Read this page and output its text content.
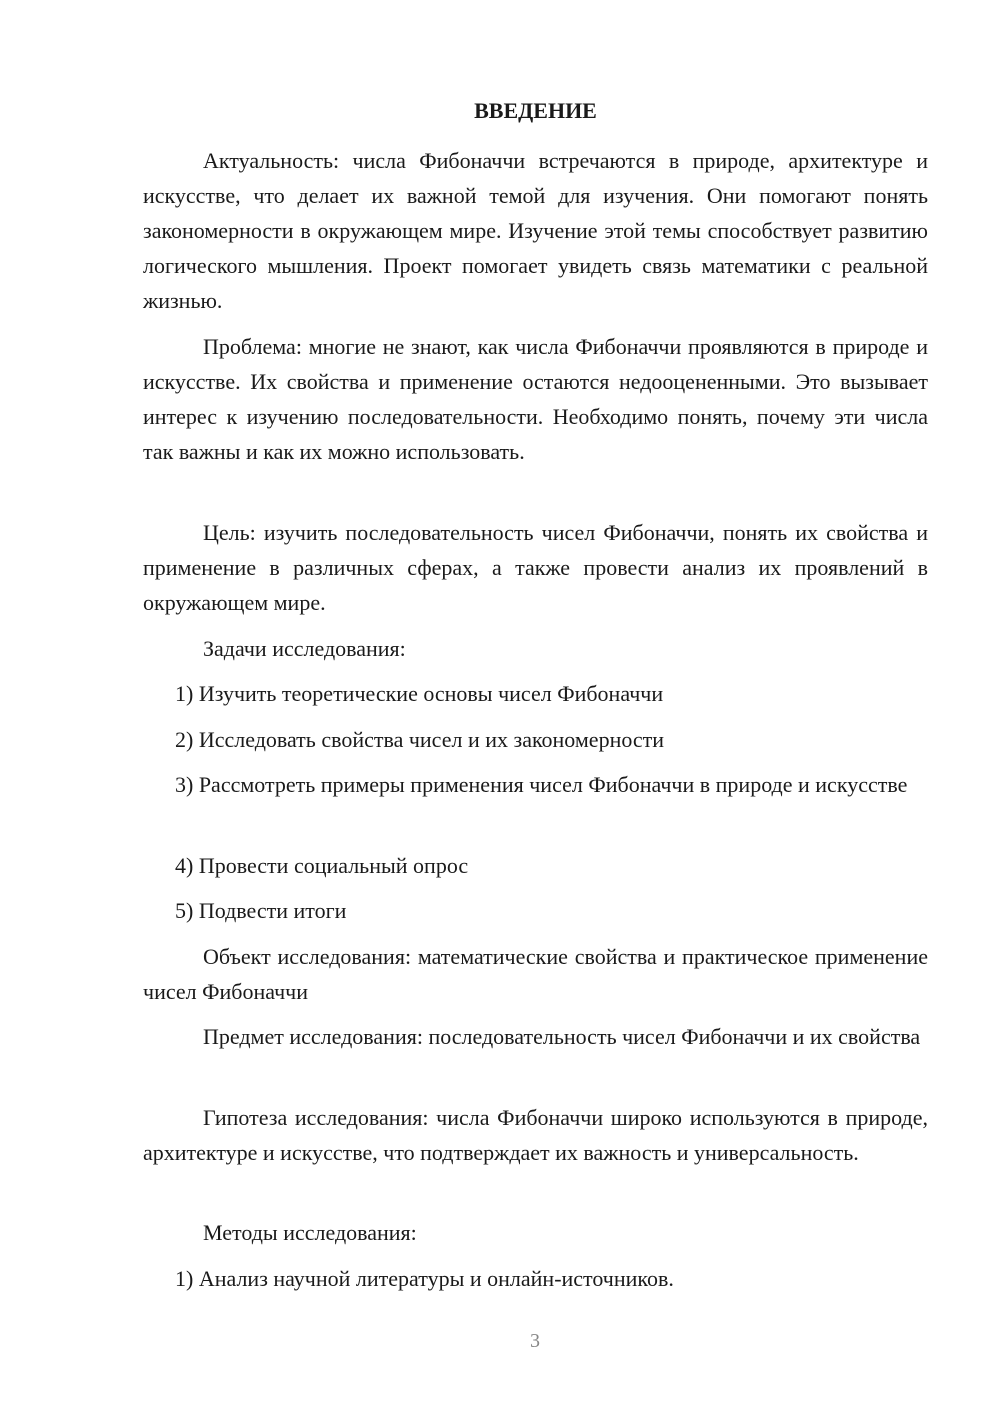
ВВЕДЕНИЕ
Актуальность: числа Фибоначчи встречаются в природе, архитектуре и искусстве, что делает их важной темой для изучения. Они помогают понять закономерности в окружающем мире. Изучение этой темы способствует развитию логического мышления. Проект помогает увидеть связь математики с реальной жизнью.
Проблема: многие не знают, как числа Фибоначчи проявляются в природе и искусстве. Их свойства и применение остаются недооцененными. Это вызывает интерес к изучению последовательности. Необходимо понять, почему эти числа так важны и как их можно использовать.
Цель: изучить последовательность чисел Фибоначчи, понять их свойства и применение в различных сферах, а также провести анализ их проявлений в окружающем мире.
Задачи исследования:
1) Изучить теоретические основы чисел Фибоначчи
2) Исследовать свойства чисел и их закономерности
3) Рассмотреть примеры применения чисел Фибоначчи в природе и искусстве
4) Провести социальный опрос
5) Подвести итоги
Объект исследования: математические свойства и практическое применение чисел Фибоначчи
Предмет исследования: последовательность чисел Фибоначчи и их свойства
Гипотеза исследования: числа Фибоначчи широко используются в природе, архитектуре и искусстве, что подтверждает их важность и универсальность.
Методы исследования:
1) Анализ научной литературы и онлайн-источников.
3
